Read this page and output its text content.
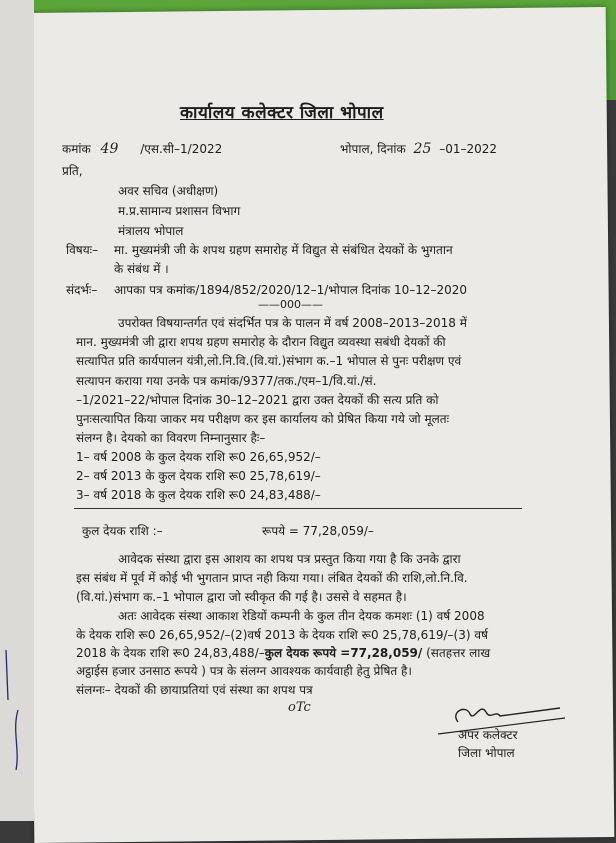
कार्यालय कलेक्टर जिला भोपाल
कमांक 49 /एस.सी–1/2022	भोपाल, दिनांक 25 –01–2022
प्रति,
अवर सचिव (अधीक्षण)
म.प्र.सामान्य प्रशासन विभाग
मंत्रालय भोपाल
विषयः– मा. मुख्यमंत्री जी के शपथ ग्रहण समारोह में विद्युत से संबंधित देयकों के भुगतान
के संबंध में ।
संदर्भः– आपका पत्र कमांक/1894/852/2020/12–1/भोपाल दिनांक 10–12–2020
——000——
उपरोक्त विषयान्तर्गत एवं संदर्भित पत्र के पालन में वर्ष 2008–2013–2018 में
मान. मुख्यमंत्री जी द्वारा शपथ ग्रहण समारोह के दौरान विद्युत व्यवस्था सबंधी देयकों की
सत्यापित प्रति कार्यपालन यंत्री,लो.नि.वि.(वि.यां.)संभाग क.–1 भोपाल से पुनः परीक्षण एवं
सत्यापन कराया गया उनके पत्र कमांक/9377/तक./एम–1/वि.यां./सं.
–1/2021–22/भोपाल दिनांक 30–12–2021 द्वारा उक्त देयकों की सत्य प्रति को
पुनःसत्यापित किया जाकर मय परीक्षण कर इस कार्यालय को प्रेषित किया गये जो मूलतः
संलग्न है। देयको का विवरण निम्नानुसार हैः–
1– वर्ष 2008 के कुल देयक राशि रू0 26,65,952/–
2– वर्ष 2013 के कुल देयक राशि रू0 25,78,619/–
3– वर्ष 2018 के कुल देयक राशि रू0 24,83,488/–
कुल देयक राशि :–	रूपये = 77,28,059/–
आवेदक संस्था द्वारा इस आशय का शपथ पत्र प्रस्तुत किया गया है कि उनके द्वारा
इस संबंध में पूर्व में कोई भी भुगतान प्राप्त नही किया गया। लंबित देयकों की राशि,लो.नि.वि.
(वि.यां.)संभाग क.–1 भोपाल द्वारा जो स्वीकृत की गई है। उससे वे सहमत है।
अतः आवेदक संस्था आकाश रेडियों कम्पनी के कुल तीन देयक कमशः (1) वर्ष 2008
के देयक राशि रू0 26,65,952/–(2)वर्ष 2013 के देयक राशि रू0 25,78,619/–(3) वर्ष
2018 के देयक राशि रू0 24,83,488/–कुल देयक रूपये =77,28,059/ (सतहत्तर लाख
अट्ठाईस हजार उनसाठ रूपये ) पत्र के संलग्न आवश्यक कार्यवाही हेतु प्रेषित है।
संलग्नः– देयकों की छायाप्रतियां एवं संस्था का शपथ पत्र
oTc
अपर कलेक्टर
जिला भोपाल
